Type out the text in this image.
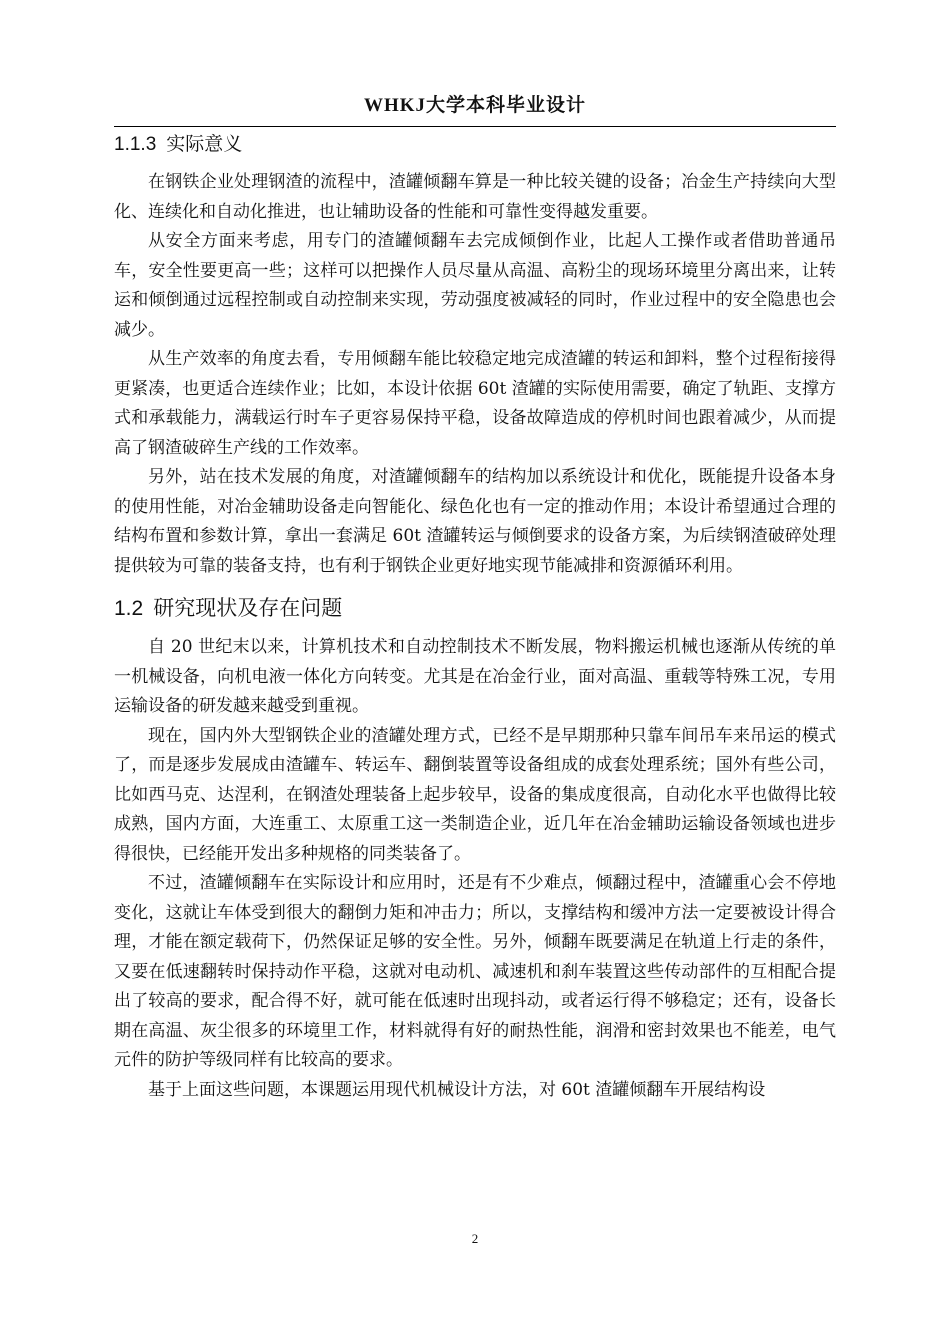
WHKJ大学本科毕业设计
1.1.3 实际意义

在钢铁企业处理钢渣的流程中，渣罐倾翻车算是一种比较关键的设备；冶金生产持续向大型化、连续化和自动化推进，也让辅助设备的性能和可靠性变得越发重要。

从安全方面来考虑，用专门的渣罐倾翻车去完成倾倒作业，比起人工操作或者借助普通吊车，安全性要更高一些；这样可以把操作人员尽量从高温、高粉尘的现场环境里分离出来，让转运和倾倒通过远程控制或自动控制来实现，劳动强度被减轻的同时，作业过程中的安全隐患也会减少。

从生产效率的角度去看，专用倾翻车能比较稳定地完成渣罐的转运和卸料，整个过程衔接得更紧凑，也更适合连续作业；比如，本设计依据 60t 渣罐的实际使用需要，确定了轨距、支撑方式和承载能力，满载运行时车子更容易保持平稳，设备故障造成的停机时间也跟着减少，从而提高了钢渣破碎生产线的工作效率。

另外，站在技术发展的角度，对渣罐倾翻车的结构加以系统设计和优化，既能提升设备本身的使用性能，对冶金辅助设备走向智能化、绿色化也有一定的推动作用；本设计希望通过合理的结构布置和参数计算，拿出一套满足 60t 渣罐转运与倾倒要求的设备方案，为后续钢渣破碎处理提供较为可靠的装备支持，也有利于钢铁企业更好地实现节能减排和资源循环利用。

1.2 研究现状及存在问题

自 20 世纪末以来，计算机技术和自动控制技术不断发展，物料搬运机械也逐渐从传统的单一机械设备，向机电液一体化方向转变。尤其是在冶金行业，面对高温、重载等特殊工况，专用运输设备的研发越来越受到重视。

现在，国内外大型钢铁企业的渣罐处理方式，已经不是早期那种只靠车间吊车来吊运的模式了，而是逐步发展成由渣罐车、转运车、翻倒装置等设备组成的成套处理系统；国外有些公司，比如西马克、达涅利，在钢渣处理装备上起步较早，设备的集成度很高，自动化水平也做得比较成熟，国内方面，大连重工、太原重工这一类制造企业，近几年在冶金辅助运输设备领域也进步得很快，已经能开发出多种规格的同类装备了。

不过，渣罐倾翻车在实际设计和应用时，还是有不少难点，倾翻过程中，渣罐重心会不停地变化，这就让车体受到很大的翻倒力矩和冲击力；所以，支撑结构和缓冲方法一定要被设计得合理，才能在额定载荷下，仍然保证足够的安全性。另外，倾翻车既要满足在轨道上行走的条件，又要在低速翻转时保持动作平稳，这就对电动机、减速机和刹车装置这些传动部件的互相配合提出了较高的要求，配合得不好，就可能在低速时出现抖动，或者运行得不够稳定；还有，设备长期在高温、灰尘很多的环境里工作，材料就得有好的耐热性能，润滑和密封效果也不能差，电气元件的防护等级同样有比较高的要求。

基于上面这些问题，本课题运用现代机械设计方法，对 60t 渣罐倾翻车开展结构设

2
